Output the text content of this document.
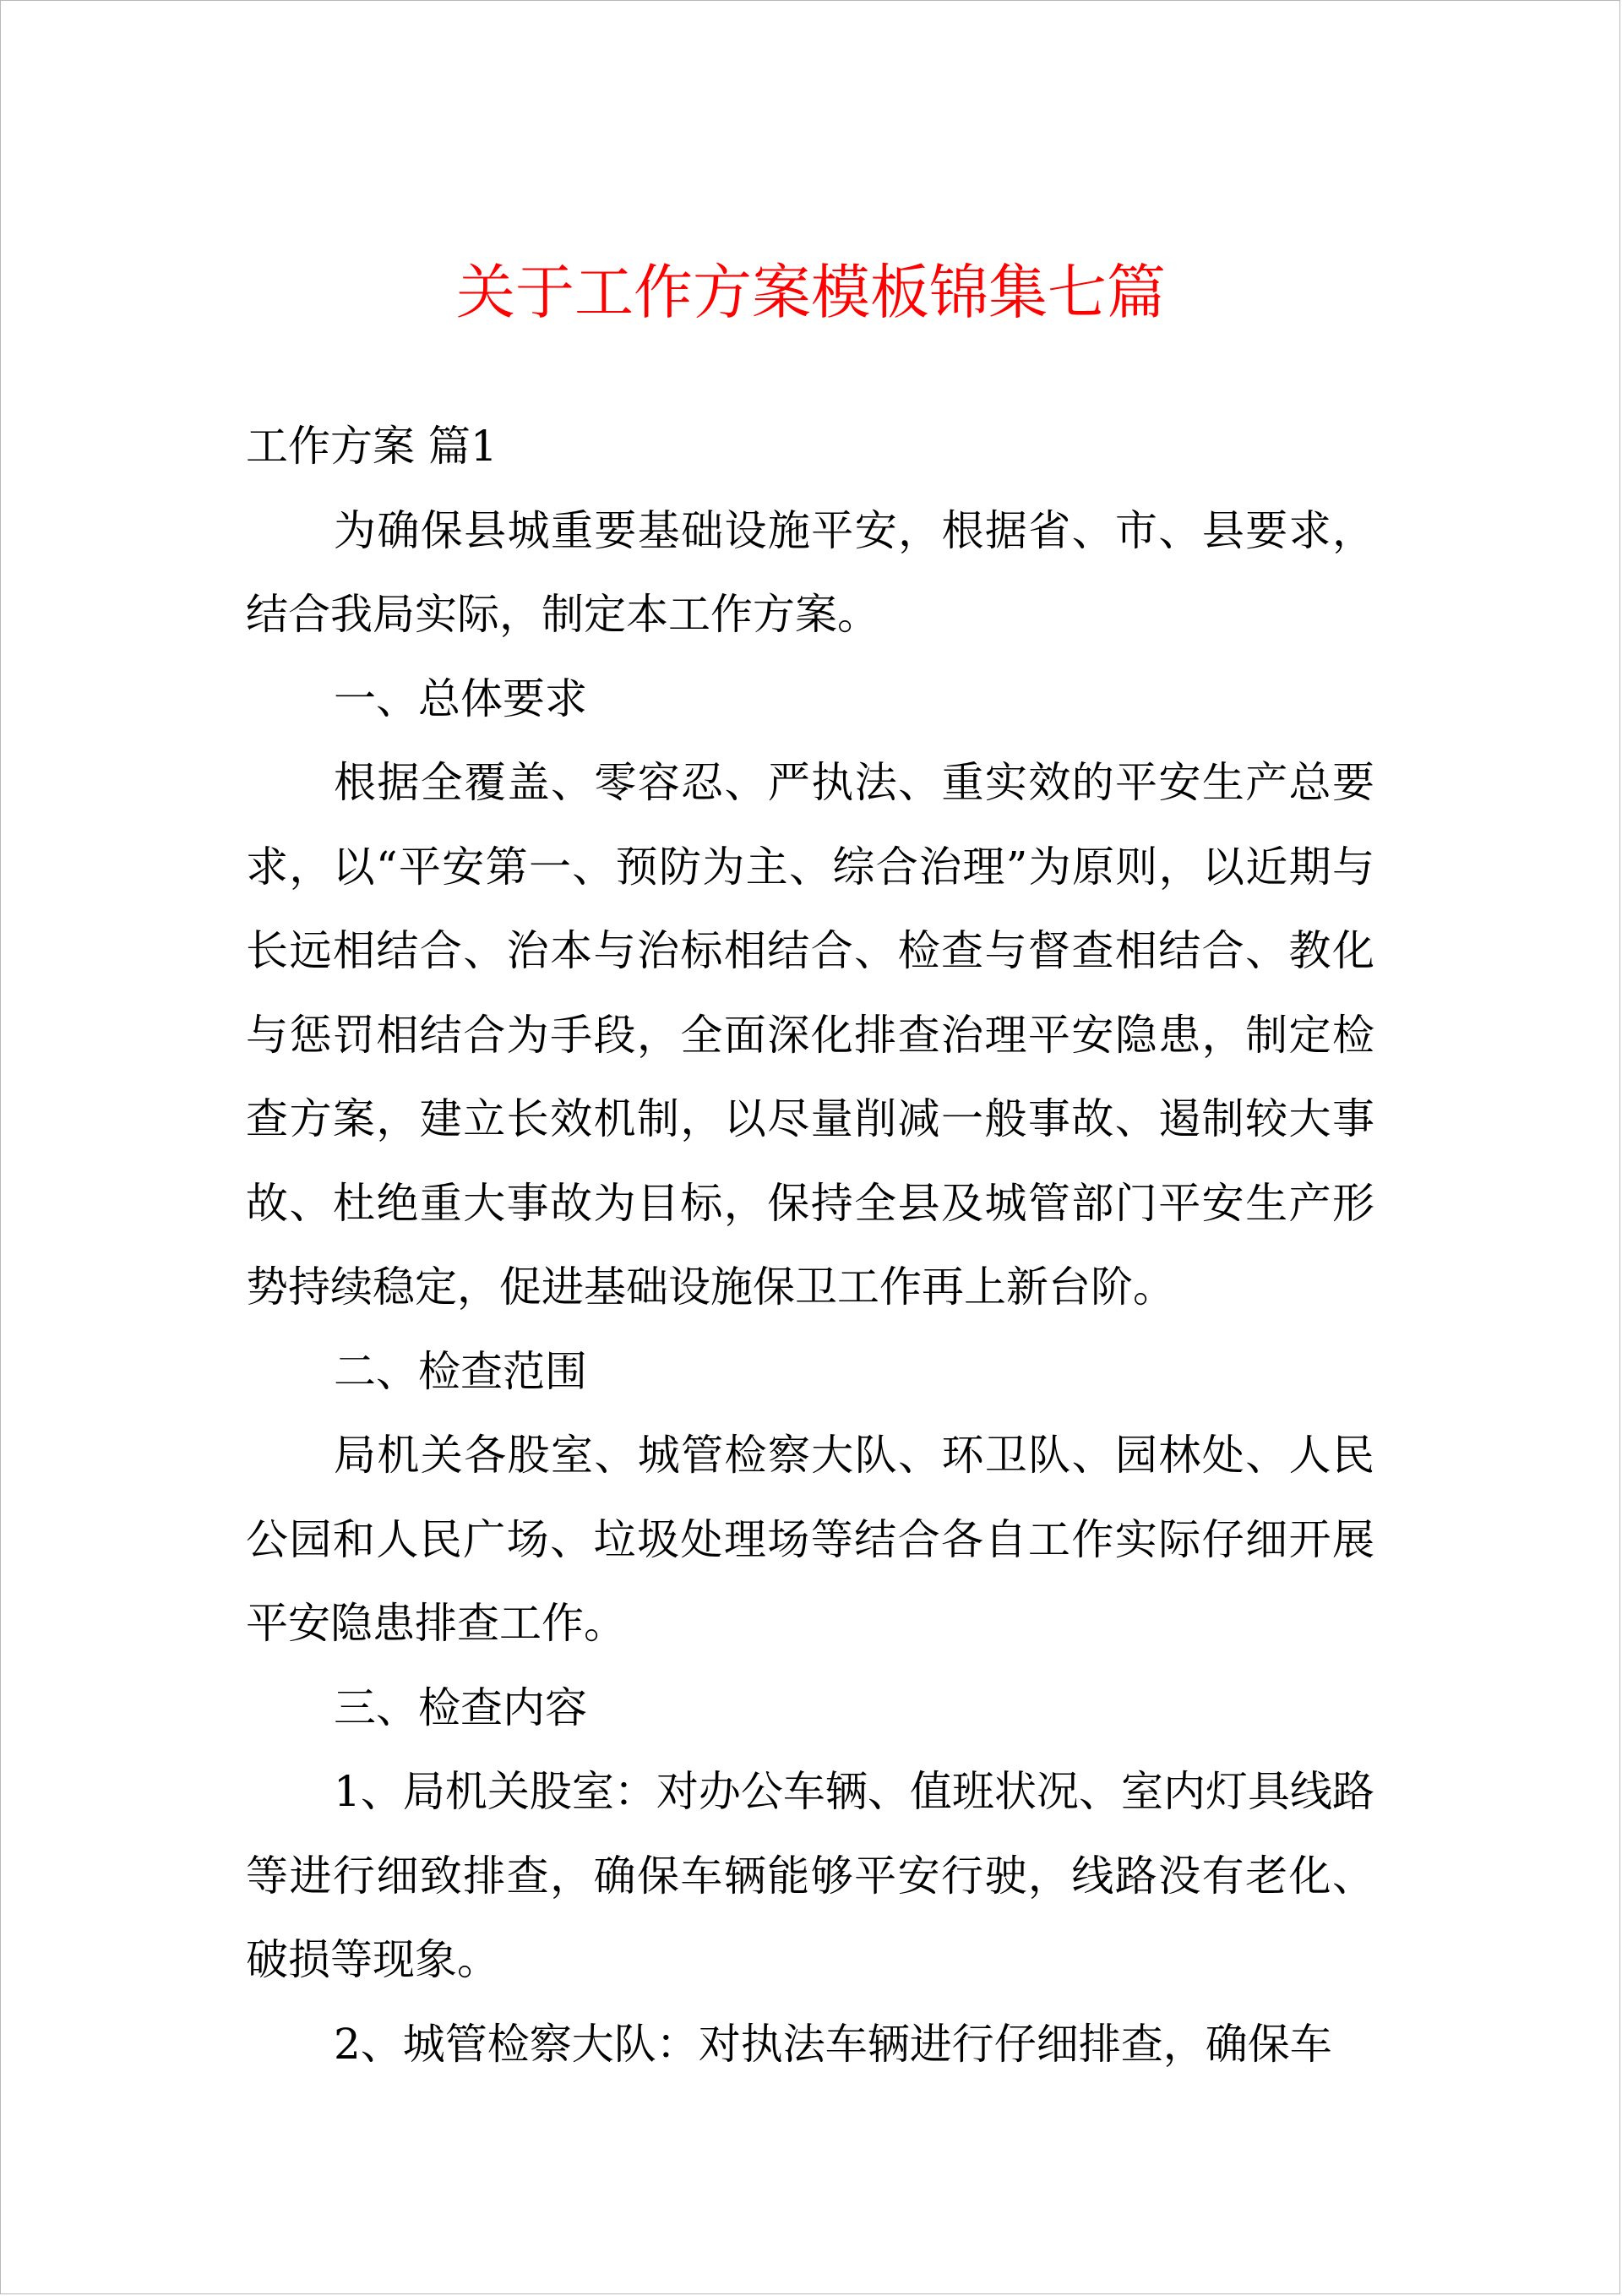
关于工作方案模板锦集七篇

工作方案 篇1

为确保县城重要基础设施平安，根据省、市、县要求，结合我局实际，制定本工作方案。

一、总体要求

根据全覆盖、零容忍、严执法、重实效的平安生产总要求，以“平安第一、预防为主、综合治理”为原则，以近期与长远相结合、治本与治标相结合、检查与督查相结合、教化与惩罚相结合为手段，全面深化排查治理平安隐患，制定检查方案，建立长效机制，以尽量削减一般事故、遏制较大事故、杜绝重大事故为目标，保持全县及城管部门平安生产形势持续稳定，促进基础设施保卫工作再上新台阶。

二、检查范围

局机关各股室、城管检察大队、环卫队、园林处、人民公园和人民广场、垃圾处理场等结合各自工作实际仔细开展平安隐患排查工作。

三、检查内容

1、局机关股室：对办公车辆、值班状况、室内灯具线路等进行细致排查，确保车辆能够平安行驶，线路没有老化、破损等现象。

2、城管检察大队：对执法车辆进行仔细排查，确保车
